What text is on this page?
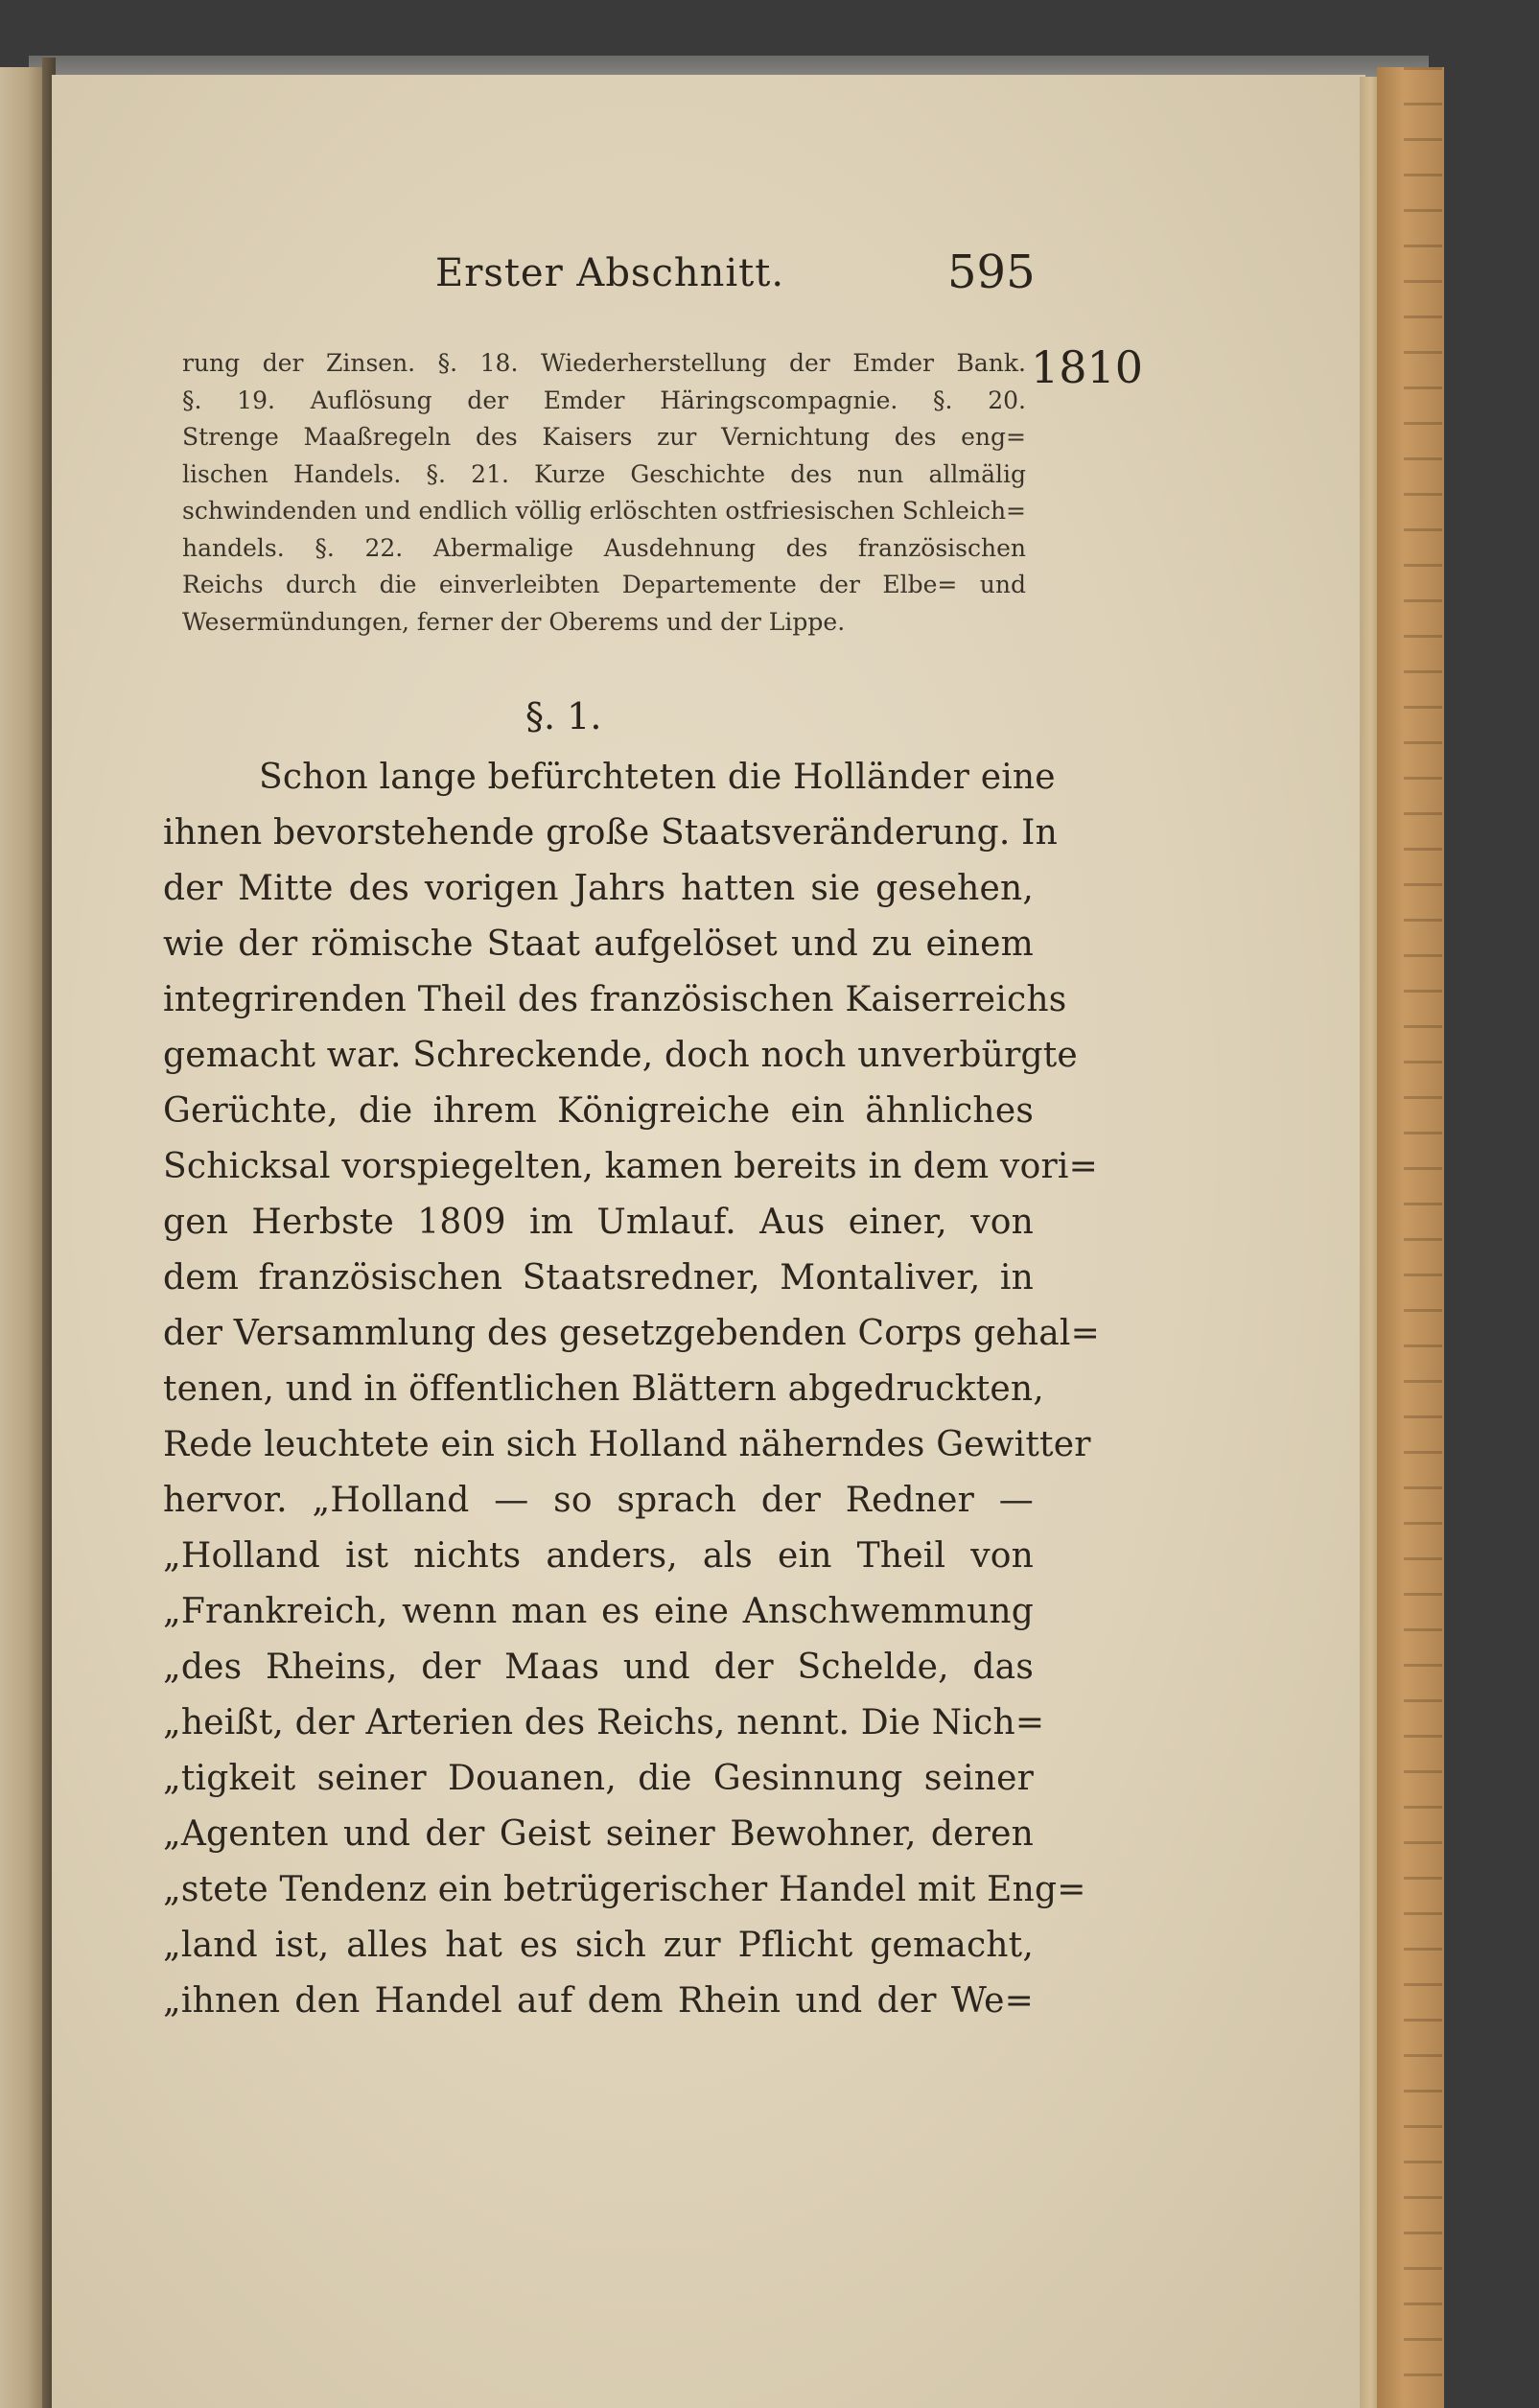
Erster Abschnitt.	595
1810
rung der Zinsen. §. 18. Wiederherstellung der Emder Bank.
§. 19. Auflösung der Emder Häringscompagnie. §. 20.
Strenge Maaßregeln des Kaisers zur Vernichtung des eng=
lischen Handels. §. 21. Kurze Geschichte des nun allmälig
schwindenden und endlich völlig erlöschten ostfriesischen Schleich=
handels. §. 22. Abermalige Ausdehnung des französischen
Reichs durch die einverleibten Departemente der Elbe= und
Wesermündungen, ferner der Oberems und der Lippe.
§. 1.
Schon lange befürchteten die Holländer eine
ihnen bevorstehende große Staatsveränderung. In
der Mitte des vorigen Jahrs hatten sie gesehen,
wie der römische Staat aufgelöset und zu einem
integrirenden Theil des französischen Kaiserreichs
gemacht war. Schreckende, doch noch unverbürgte
Gerüchte, die ihrem Königreiche ein ähnliches
Schicksal vorspiegelten, kamen bereits in dem vori=
gen Herbste 1809 im Umlauf. Aus einer, von
dem französischen Staatsredner, Montaliver, in
der Versammlung des gesetzgebenden Corps gehal=
tenen, und in öffentlichen Blättern abgedruckten,
Rede leuchtete ein sich Holland näherndes Gewitter
hervor. „Holland — so sprach der Redner —
„Holland ist nichts anders, als ein Theil von
„Frankreich, wenn man es eine Anschwemmung
„des Rheins, der Maas und der Schelde, das
„heißt, der Arterien des Reichs, nennt. Die Nich=
„tigkeit seiner Douanen, die Gesinnung seiner
„Agenten und der Geist seiner Bewohner, deren
„stete Tendenz ein betrügerischer Handel mit Eng=
„land ist, alles hat es sich zur Pflicht gemacht,
„ihnen den Handel auf dem Rhein und der We=
